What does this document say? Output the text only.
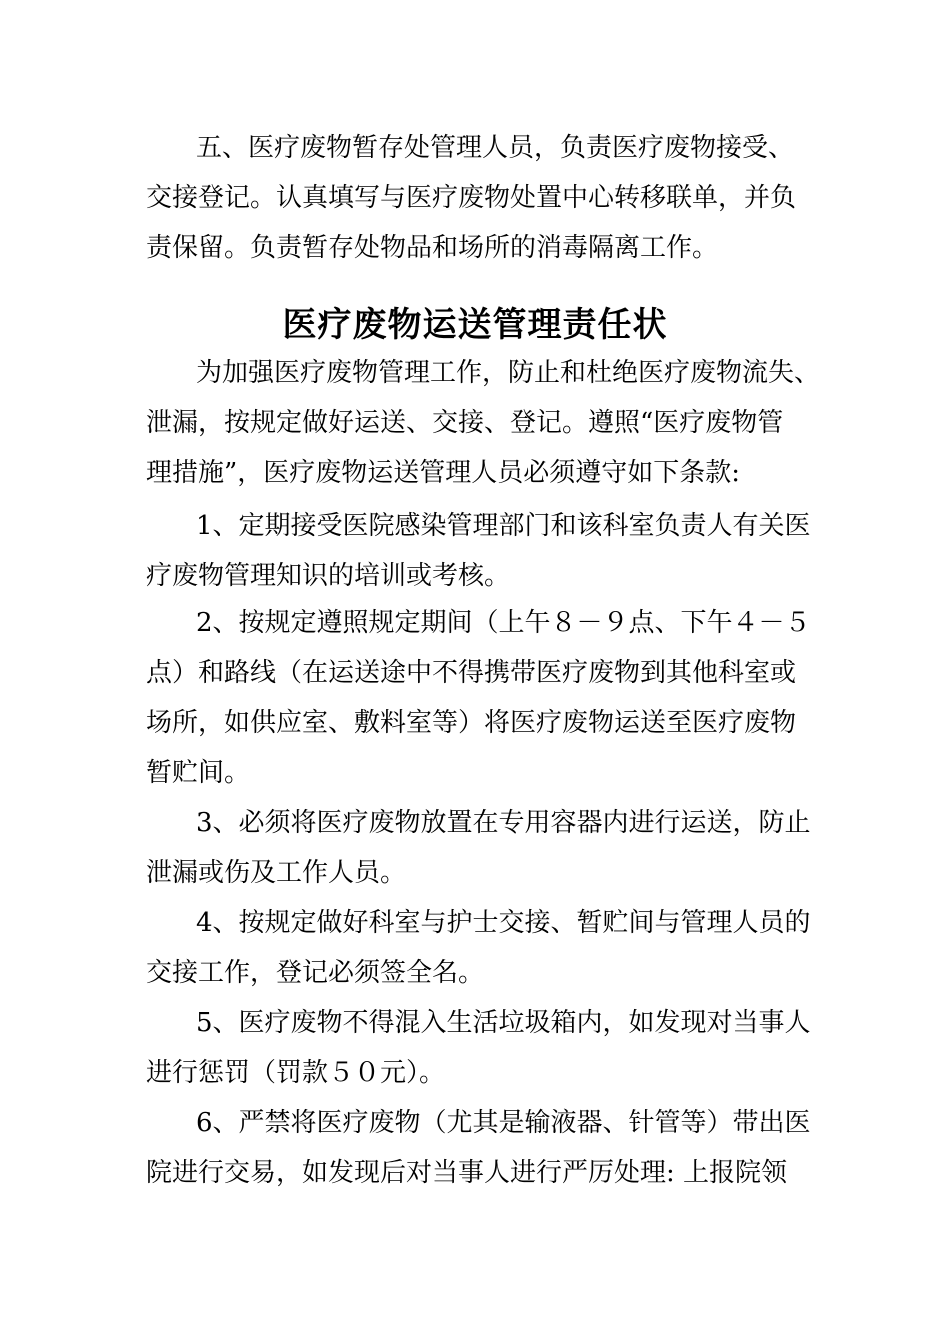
五、医疗废物暂存处管理人员，负责医疗废物接受、
交接登记。认真填写与医疗废物处置中心转移联单，并负
责保留。负责暂存处物品和场所的消毒隔离工作。
医疗废物运送管理责任状
为加强医疗废物管理工作，防止和杜绝医疗废物流失、
泄漏，按规定做好运送、交接、登记。遵照“医疗废物管
理措施”，医疗废物运送管理人员必须遵守如下条款:
1、定期接受医院感染管理部门和该科室负责人有关医
疗废物管理知识的培训或考核。
2、按规定遵照规定期间（上午８－９点、下午４－５
点）和路线（在运送途中不得携带医疗废物到其他科室或
场所，如供应室、敷料室等）将医疗废物运送至医疗废物
暂贮间。
3、必须将医疗废物放置在专用容器内进行运送，防止
泄漏或伤及工作人员。
4、按规定做好科室与护士交接、暂贮间与管理人员的
交接工作，登记必须签全名。
5、医疗废物不得混入生活垃圾箱内，如发现对当事人
进行惩罚（罚款５０元）。
6、严禁将医疗废物（尤其是输液器、针管等）带出医
院进行交易，如发现后对当事人进行严厉处理: 上报院领
